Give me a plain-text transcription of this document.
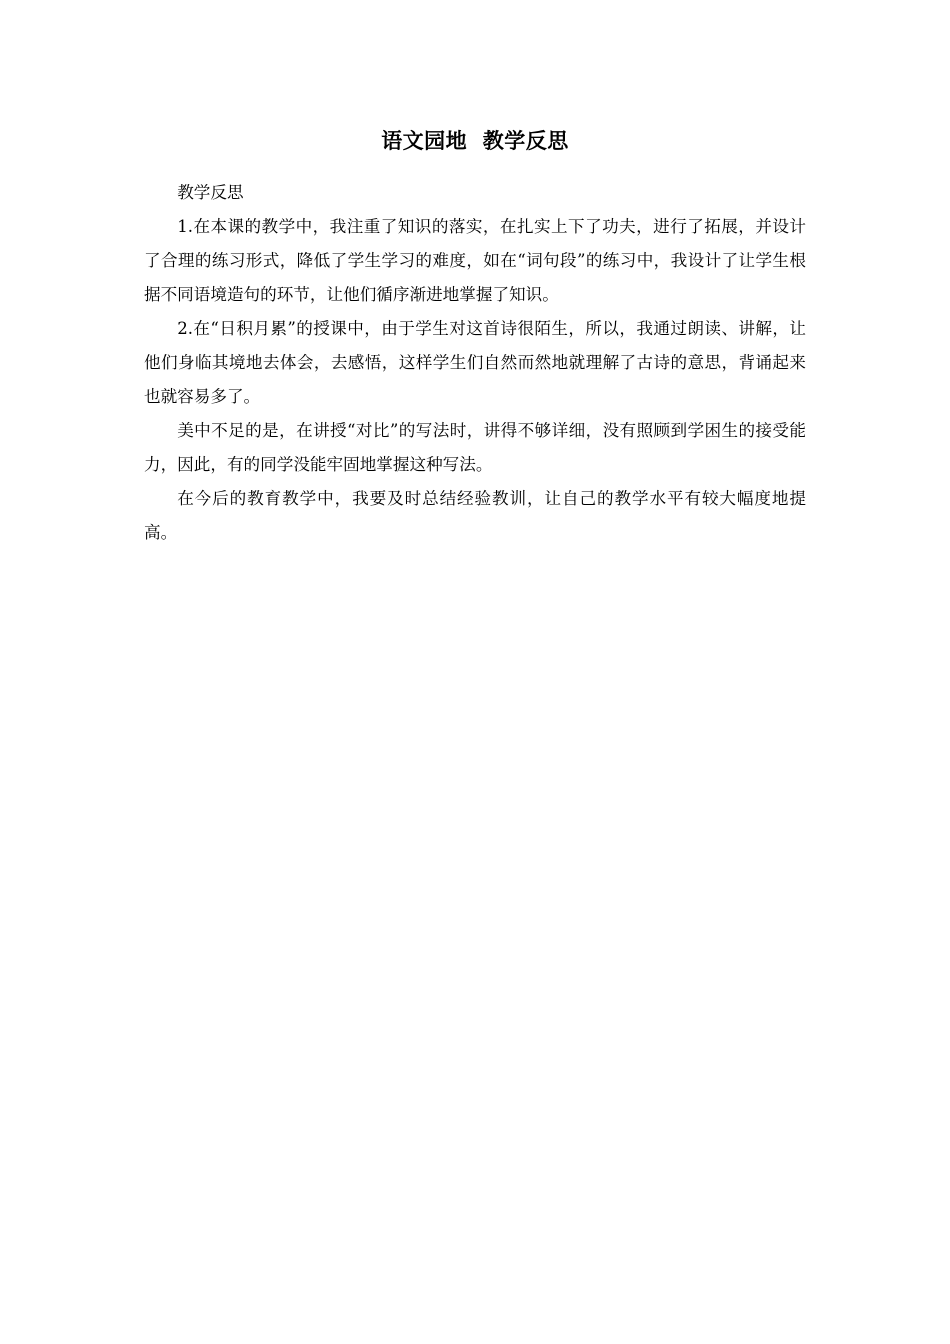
语文园地  教学反思

教学反思

1.在本课的教学中，我注重了知识的落实，在扎实上下了功夫，进行了拓展，并设计了合理的练习形式，降低了学生学习的难度，如在“词句段”的练习中，我设计了让学生根据不同语境造句的环节，让他们循序渐进地掌握了知识。

2.在“日积月累”的授课中，由于学生对这首诗很陌生，所以，我通过朗读、讲解，让他们身临其境地去体会，去感悟，这样学生们自然而然地就理解了古诗的意思，背诵起来也就容易多了。

美中不足的是，在讲授“对比”的写法时，讲得不够详细，没有照顾到学困生的接受能力，因此，有的同学没能牢固地掌握这种写法。

在今后的教育教学中，我要及时总结经验教训，让自己的教学水平有较大幅度地提高。
